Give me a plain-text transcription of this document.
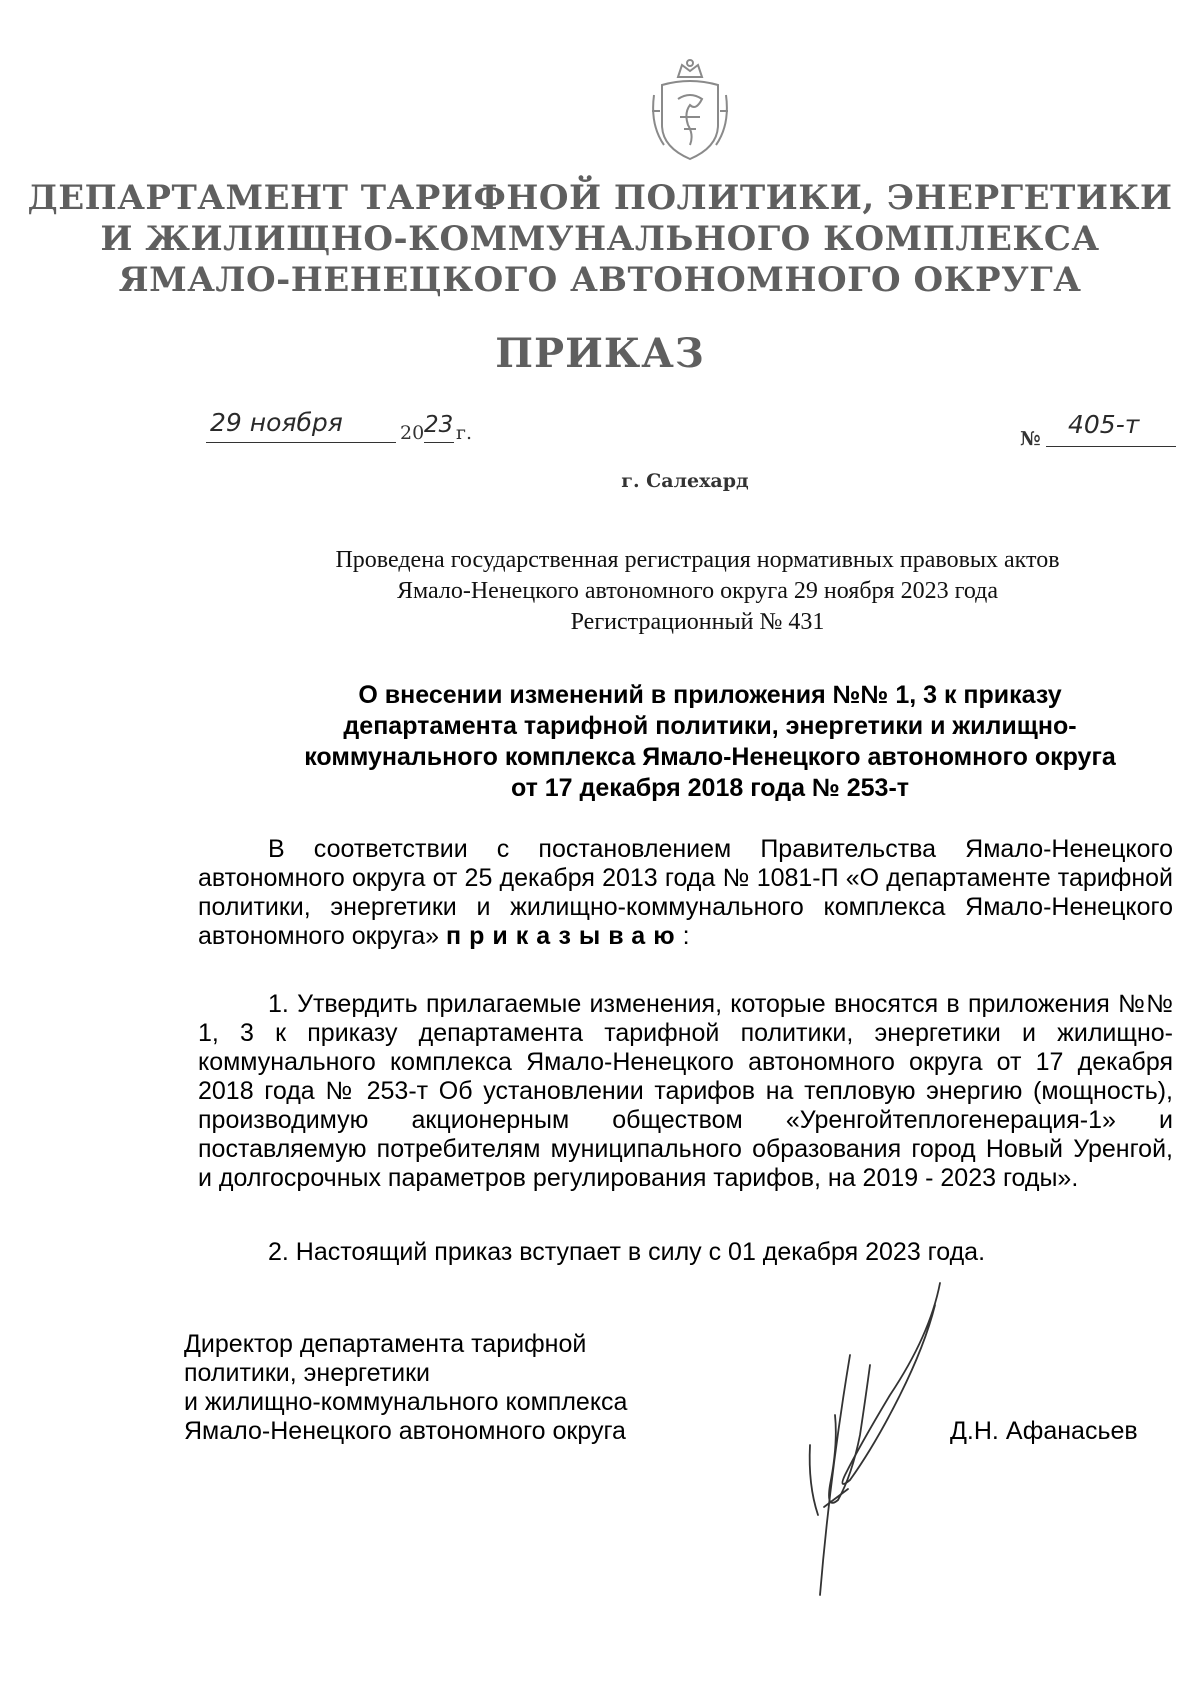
ДЕПАРТАМЕНТ ТАРИФНОЙ ПОЛИТИКИ, ЭНЕРГЕТИКИ
И ЖИЛИЩНО-КОММУНАЛЬНОГО КОМПЛЕКСА
ЯМАЛО-НЕНЕЦКОГО АВТОНОМНОГО ОКРУГА
ПРИКАЗ
29 ноября	20 23 г.	№ 405-т
г. Салехард
Проведена государственная регистрация нормативных правовых актов
Ямало-Ненецкого автономного округа 29 ноября 2023 года
Регистрационный № 431
О внесении изменений в приложения №№ 1, 3 к приказу
департамента тарифной политики, энергетики и жилищно-
коммунального комплекса Ямало-Ненецкого автономного округа
от 17 декабря 2018 года № 253-т

В соответствии с постановлением Правительства Ямало-Ненецкого автономного округа от 25 декабря 2013 года № 1081-П «О департаменте тарифной политики, энергетики и жилищно-коммунального комплекса Ямало-Ненецкого автономного округа» приказываю:

1. Утвердить прилагаемые изменения, которые вносятся в приложения №№ 1, 3 к приказу департамента тарифной политики, энергетики и жилищно-коммунального комплекса Ямало-Ненецкого автономного округа от 17 декабря 2018 года № 253-т Об установлении тарифов на тепловую энергию (мощность), производимую акционерным обществом «Уренгойтеплогенерация-1» и поставляемую потребителям муниципального образования город Новый Уренгой, и долгосрочных параметров регулирования тарифов, на 2019 - 2023 годы».

2. Настоящий приказ вступает в силу с 01 декабря 2023 года.

Директор департамента тарифной
политики, энергетики
и жилищно-коммунального комплекса
Ямало-Ненецкого автономного округа	Д.Н. Афанасьев
